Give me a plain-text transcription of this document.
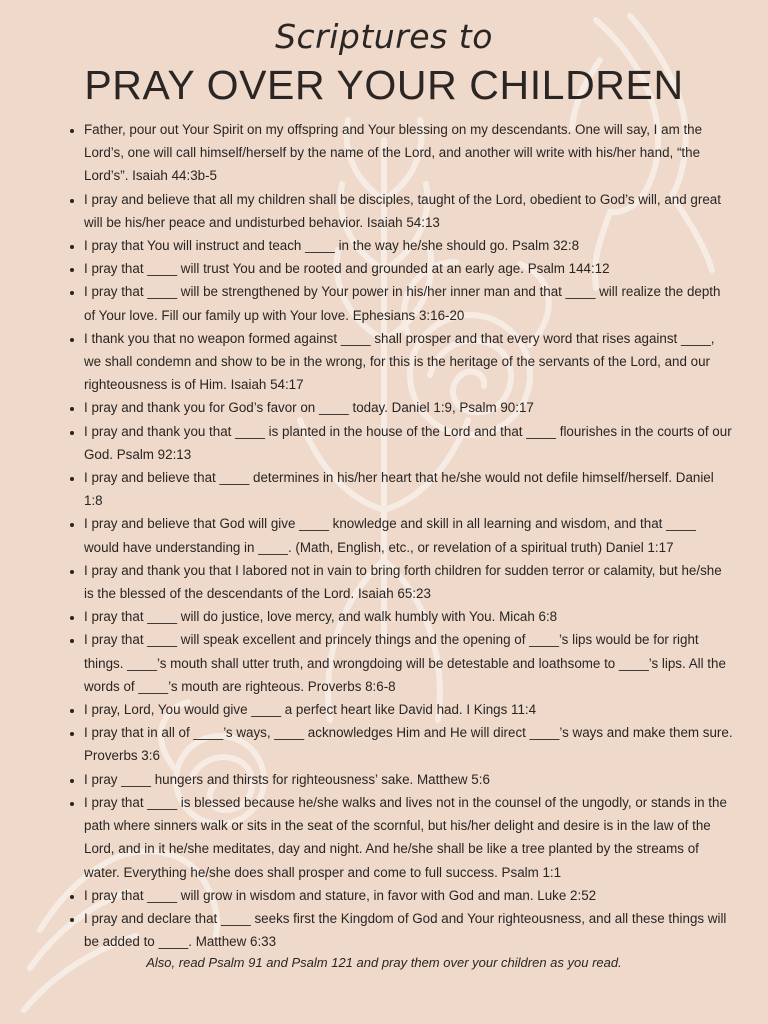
Scriptures to
PRAY OVER YOUR CHILDREN
• Father, pour out Your Spirit on my offspring and Your blessing on my descendants. One will say, I am the Lord’s, one will call himself/herself by the name of the Lord, and another will write with his/her hand, “the Lord’s”. Isaiah 44:3b-5
• I pray and believe that all my children shall be disciples, taught of the Lord, obedient to God’s will, and great will be his/her peace and undisturbed behavior. Isaiah 54:13
• I pray that You will instruct and teach ____ in the way he/she should go. Psalm 32:8
• I pray that ____ will trust You and be rooted and grounded at an early age. Psalm 144:12
• I pray that ____ will be strengthened by Your power in his/her inner man and that ____ will realize the depth of Your love. Fill our family up with Your love. Ephesians 3:16-20
• I thank you that no weapon formed against ____ shall prosper and that every word that rises against ____, we shall condemn and show to be in the wrong, for this is the heritage of the servants of the Lord, and our righteousness is of Him. Isaiah 54:17
• I pray and thank you for God’s favor on ____ today. Daniel 1:9, Psalm 90:17
• I pray and thank you that ____ is planted in the house of the Lord and that ____ flourishes in the courts of our God. Psalm 92:13
• I pray and believe that ____ determines in his/her heart that he/she would not defile himself/herself. Daniel 1:8
• I pray and believe that God will give ____ knowledge and skill in all learning and wisdom, and that ____ would have understanding in ____. (Math, English, etc., or revelation of a spiritual truth) Daniel 1:17
• I pray and thank you that I labored not in vain to bring forth children for sudden terror or calamity, but he/she is the blessed of the descendants of the Lord. Isaiah 65:23
• I pray that ____ will do justice, love mercy, and walk humbly with You. Micah 6:8
• I pray that ____ will speak excellent and princely things and the opening of ____’s lips would be for right things. ____’s mouth shall utter truth, and wrongdoing will be detestable and loathsome to ____’s lips. All the words of ____’s mouth are righteous. Proverbs 8:6-8
• I pray, Lord, You would give ____ a perfect heart like David had. I Kings 11:4
• I pray that in all of ____’s ways, ____ acknowledges Him and He will direct ____’s ways and make them sure. Proverbs 3:6
• I pray ____ hungers and thirsts for righteousness’ sake. Matthew 5:6
• I pray that ____ is blessed because he/she walks and lives not in the counsel of the ungodly, or stands in the path where sinners walk or sits in the seat of the scornful, but his/her delight and desire is in the law of the Lord, and in it he/she meditates, day and night. And he/she shall be like a tree planted by the streams of water. Everything he/she does shall prosper and come to full success. Psalm 1:1
• I pray that ____ will grow in wisdom and stature, in favor with God and man. Luke 2:52
• I pray and declare that ____ seeks first the Kingdom of God and Your righteousness, and all these things will be added to ____. Matthew 6:33
Also, read Psalm 91 and Psalm 121 and pray them over your children as you read.
